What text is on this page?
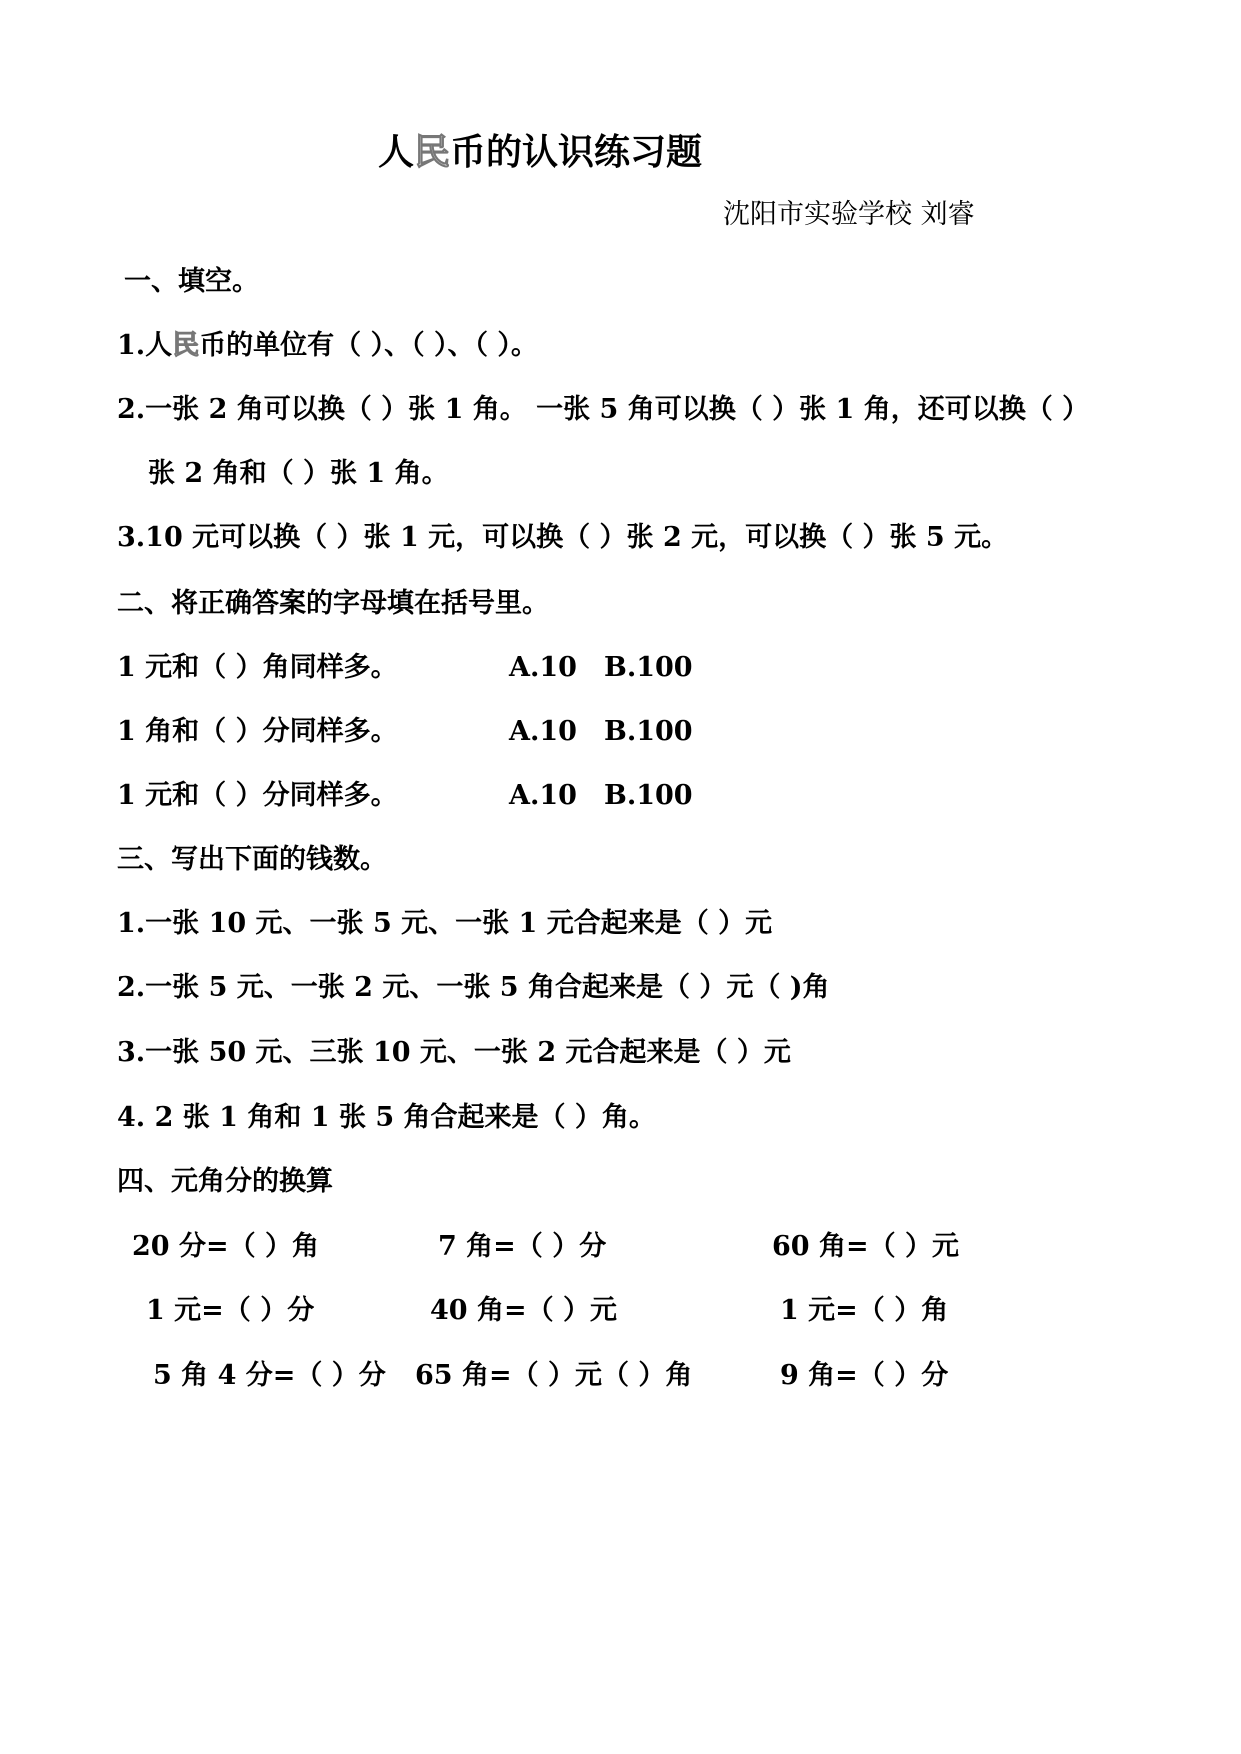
人民币的认识练习题
沈阳市实验学校 刘睿
一、填空。
1.人民币的单位有（ ）、（ ）、（ ）。
2.一张 2 角可以换（ ）张 1 角。 一张 5 角可以换（ ）张 1 角，还可以换（ ）
张 2 角和（ ）张 1 角。
3.10 元可以换（ ）张 1 元，可以换（ ）张 2 元，可以换（ ）张 5 元。
二、将正确答案的字母填在括号里。
1 元和（ ）角同样多。	A.10 B.100
1 角和（ ）分同样多。	A.10 B.100
1 元和（ ）分同样多。	A.10 B.100
三、写出下面的钱数。
1.一张 10 元、一张 5 元、一张 1 元合起来是（ ）元
2.一张 5 元、一张 2 元、一张 5 角合起来是（ ）元（ )角
3.一张 50 元、三张 10 元、一张 2 元合起来是（ ）元
4. 2 张 1 角和 1 张 5 角合起来是（ ）角。
四、元角分的换算
20 分=（ ）角	7 角=（ ）分	60 角=（ ）元
1 元=（ ）分	40 角=（ ）元	1 元=（ ）角
5 角 4 分=（ ）分 65 角=（ ）元（ ）角	9 角=（ ）分
